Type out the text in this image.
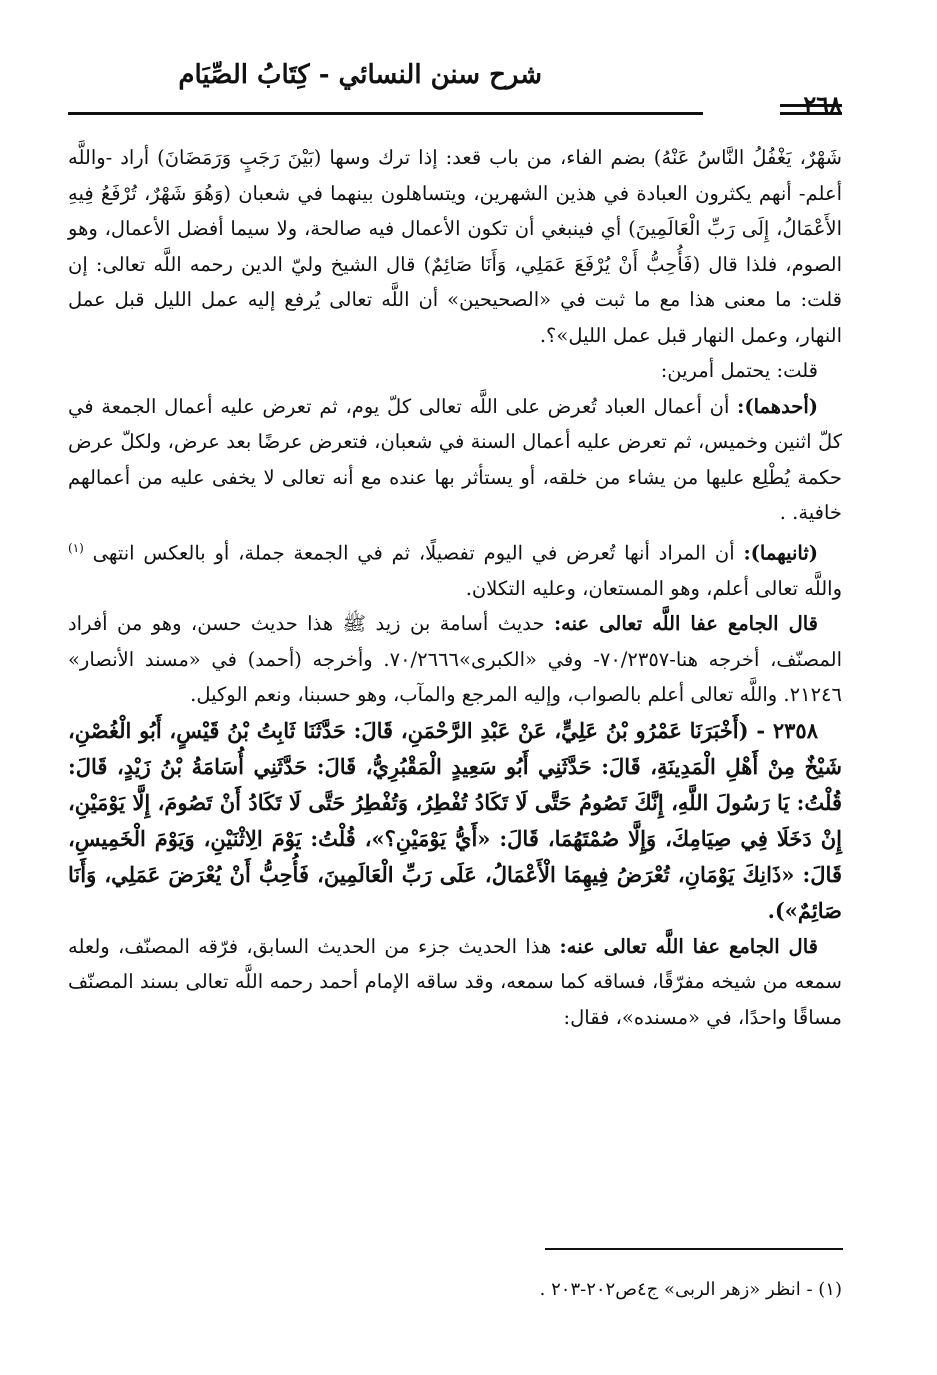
شرح سنن النسائي - كِتَابُ الصِّيَام
٢٦٨

شَهْرٌ، يَغْفُلُ النَّاسُ عَنْهُ) بضم الفاء، من باب قعد: إذا ترك وسها (بَيْنَ رَجَبٍ وَرَمَضَانَ) أراد -واللَّه أعلم- أنهم يكثرون العبادة في هذين الشهرين، ويتساهلون بينهما في شعبان (وَهُوَ شَهْرٌ، تُرْفَعُ فِيهِ الأَعْمَالُ، إِلَى رَبِّ الْعَالَمِينَ) أي فينبغي أن تكون الأعمال فيه صالحة، ولا سيما أفضل الأعمال، وهو الصوم، فلذا قال (فَأُحِبُّ أَنْ يُرْفَعَ عَمَلِي، وَأَنَا صَائِمٌ) قال الشيخ وليّ الدين رحمه اللَّه تعالى: إن قلت: ما معنى هذا مع ما ثبت في «الصحيحين» أن اللَّه تعالى يُرفع إليه عمل الليل قبل عمل النهار، وعمل النهار قبل عمل الليل»؟.

قلت: يحتمل أمرين:

(أحدهما): أن أعمال العباد تُعرض على اللَّه تعالى كلّ يوم، ثم تعرض عليه أعمال الجمعة في كلّ اثنين وخميس، ثم تعرض عليه أعمال السنة في شعبان، فتعرض عرضًا بعد عرض، ولكلّ عرض حكمة يُطْلِع عليها من يشاء من خلقه، أو يستأثر بها عنده مع أنه تعالى لا يخفى عليه من أعمالهم خافية. .

(ثانيهما): أن المراد أنها تُعرض في اليوم تفصيلًا، ثم في الجمعة جملة، أو بالعكس انتهى $^{(١)}$ واللَّه تعالى أعلم، وهو المستعان، وعليه التكلان.

قال الجامع عفا اللَّه تعالى عنه: حديث أسامة بن زيد ﷺ هذا حديث حسن، وهو من أفراد المصنّف، أخرجه هنا-٧٠/٢٣٥٧- وفي «الكبرى»٧٠/٢٦٦٦. وأخرجه (أحمد) في «مسند الأنصار» ٢١٢٤٦. واللَّه تعالى أعلم بالصواب، وإليه المرجع والمآب، وهو حسبنا، ونعم الوكيل.

٢٣٥٨ - (أَخْبَرَنَا عَمْرُو بْنُ عَلِيٍّ، عَنْ عَبْدِ الرَّحْمَنِ، قَالَ: حَدَّثَنَا ثَابِتُ بْنُ قَيْسٍ، أَبُو الْغُصْنِ، شَيْخٌ مِنْ أَهْلِ الْمَدِينَةِ، قَالَ: حَدَّثَنِي أَبُو سَعِيدٍ الْمَقْبُرِيُّ، قَالَ: حَدَّثَنِي أُسَامَةُ بْنُ زَيْدٍ، قَالَ: قُلْتُ: يَا رَسُولَ اللَّهِ، إِنَّكَ تَصُومُ حَتَّى لَا تَكَادُ تُفْطِرُ، وَتُفْطِرُ حَتَّى لَا تَكَادُ أَنْ تَصُومَ، إِلَّا يَوْمَيْنِ، إِنْ دَخَلَا فِي صِيَامِكَ، وَإِلَّا صُمْتَهُمَا، قَالَ: «أَيُّ يَوْمَيْنِ؟»، قُلْتُ: يَوْمَ الِاثْنَيْنِ، وَيَوْمَ الْخَمِيسِ، قَالَ: «ذَانِكَ يَوْمَانِ، تُعْرَضُ فِيهِمَا الْأَعْمَالُ، عَلَى رَبِّ الْعَالَمِينَ، فَأُحِبُّ أَنْ يُعْرَضَ عَمَلِي، وَأَنَا صَائِمٌ»).

قال الجامع عفا اللَّه تعالى عنه: هذا الحديث جزء من الحديث السابق، فرّقه المصنّف، ولعله سمعه من شيخه مفرّقًا، فساقه كما سمعه، وقد ساقه الإمام أحمد رحمه اللَّه تعالى بسند المصنّف مساقًا واحدًا، في «مسنده»، فقال:

(١) - انظر «زهر الربى» ج٤ص٢٠٢-٢٠٣ .
